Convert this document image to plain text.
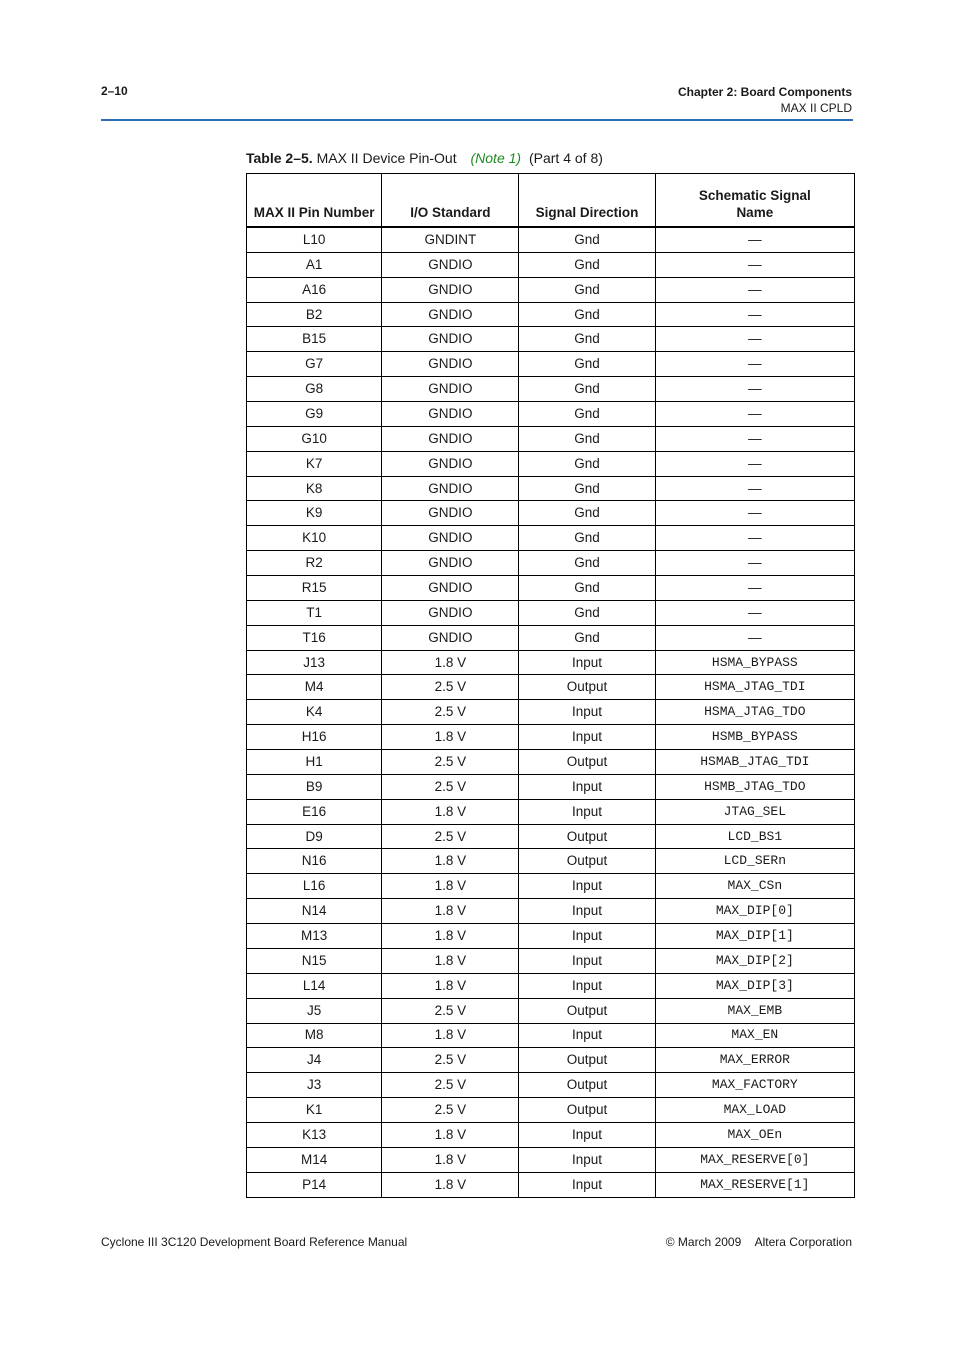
2–10	Chapter 2: Board Components
MAX II CPLD
Table 2–5. MAX II Device Pin-Out (Note 1) (Part 4 of 8)
MAX II Pin Number	I/O Standard	Signal Direction	Schematic Signal Name
L10	GNDINT	Gnd	—
A1	GNDIO	Gnd	—
A16	GNDIO	Gnd	—
B2	GNDIO	Gnd	—
B15	GNDIO	Gnd	—
G7	GNDIO	Gnd	—
G8	GNDIO	Gnd	—
G9	GNDIO	Gnd	—
G10	GNDIO	Gnd	—
K7	GNDIO	Gnd	—
K8	GNDIO	Gnd	—
K9	GNDIO	Gnd	—
K10	GNDIO	Gnd	—
R2	GNDIO	Gnd	—
R15	GNDIO	Gnd	—
T1	GNDIO	Gnd	—
T16	GNDIO	Gnd	—
J13	1.8 V	Input	HSMA_BYPASS
M4	2.5 V	Output	HSMA_JTAG_TDI
K4	2.5 V	Input	HSMA_JTAG_TDO
H16	1.8 V	Input	HSMB_BYPASS
H1	2.5 V	Output	HSMAB_JTAG_TDI
B9	2.5 V	Input	HSMB_JTAG_TDO
E16	1.8 V	Input	JTAG_SEL
D9	2.5 V	Output	LCD_BS1
N16	1.8 V	Output	LCD_SERn
L16	1.8 V	Input	MAX_CSn
N14	1.8 V	Input	MAX_DIP[0]
M13	1.8 V	Input	MAX_DIP[1]
N15	1.8 V	Input	MAX_DIP[2]
L14	1.8 V	Input	MAX_DIP[3]
J5	2.5 V	Output	MAX_EMB
M8	1.8 V	Input	MAX_EN
J4	2.5 V	Output	MAX_ERROR
J3	2.5 V	Output	MAX_FACTORY
K1	2.5 V	Output	MAX_LOAD
K13	1.8 V	Input	MAX_OEn
M14	1.8 V	Input	MAX_RESERVE[0]
P14	1.8 V	Input	MAX_RESERVE[1]
Cyclone III 3C120 Development Board Reference Manual	© March 2009 Altera Corporation
